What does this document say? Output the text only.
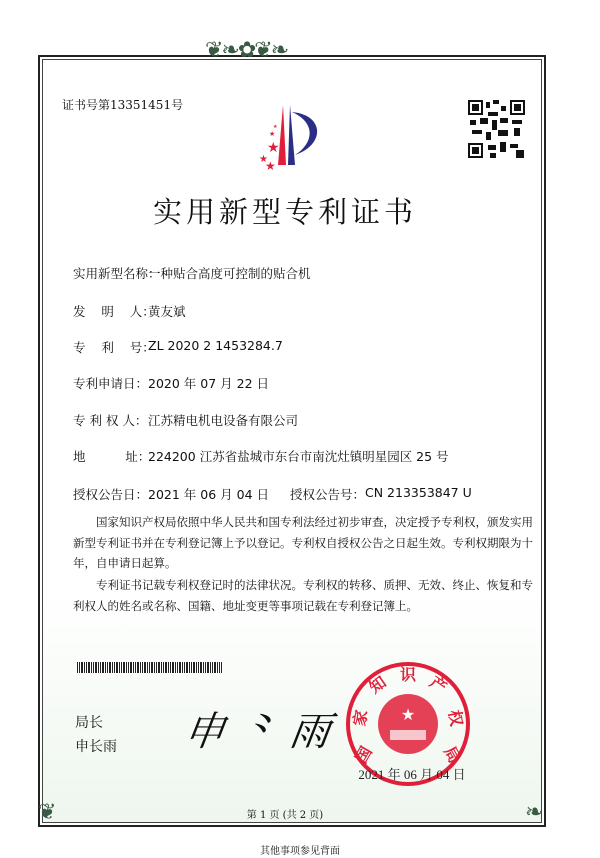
❦❧✿❦❧
❦	❧
证书号第13351451号
★
★
★
★
★
实用新型专利证书
实用新型名称：
一种贴合高度可控制的贴合机
发    明    人：
黄友斌
专    利    号：
ZL 2020 2 1453284.7
专利申请日： 2020 年 07 月 22 日
专 利 权 人： 江苏精电机电设备有限公司
地          址：
224200 江苏省盐城市东台市南沈灶镇明星园区 25 号
授权公告日： 2021 年 06 月 04 日 授权公告号： CN 213353847 U
国家知识产权局依照中华人民共和国专利法经过初步审查，决定授予专利权，颁发实用新型专利证书并在专利登记簿上予以登记。专利权自授权公告之日起生效。专利权期限为十年，自申请日起算。
专利证书记载专利权登记时的法律状况。专利权的转移、质押、无效、终止、恢复和专利权人的姓名或名称、国籍、地址变更等事项记载在专利登记簿上。
局长
申长雨 申 ⺀ 雨	★
国
家
知 识 产
权
局
2021 年 06 月 04 日
第 1 页 (共 2 页)
其他事项参见背面
